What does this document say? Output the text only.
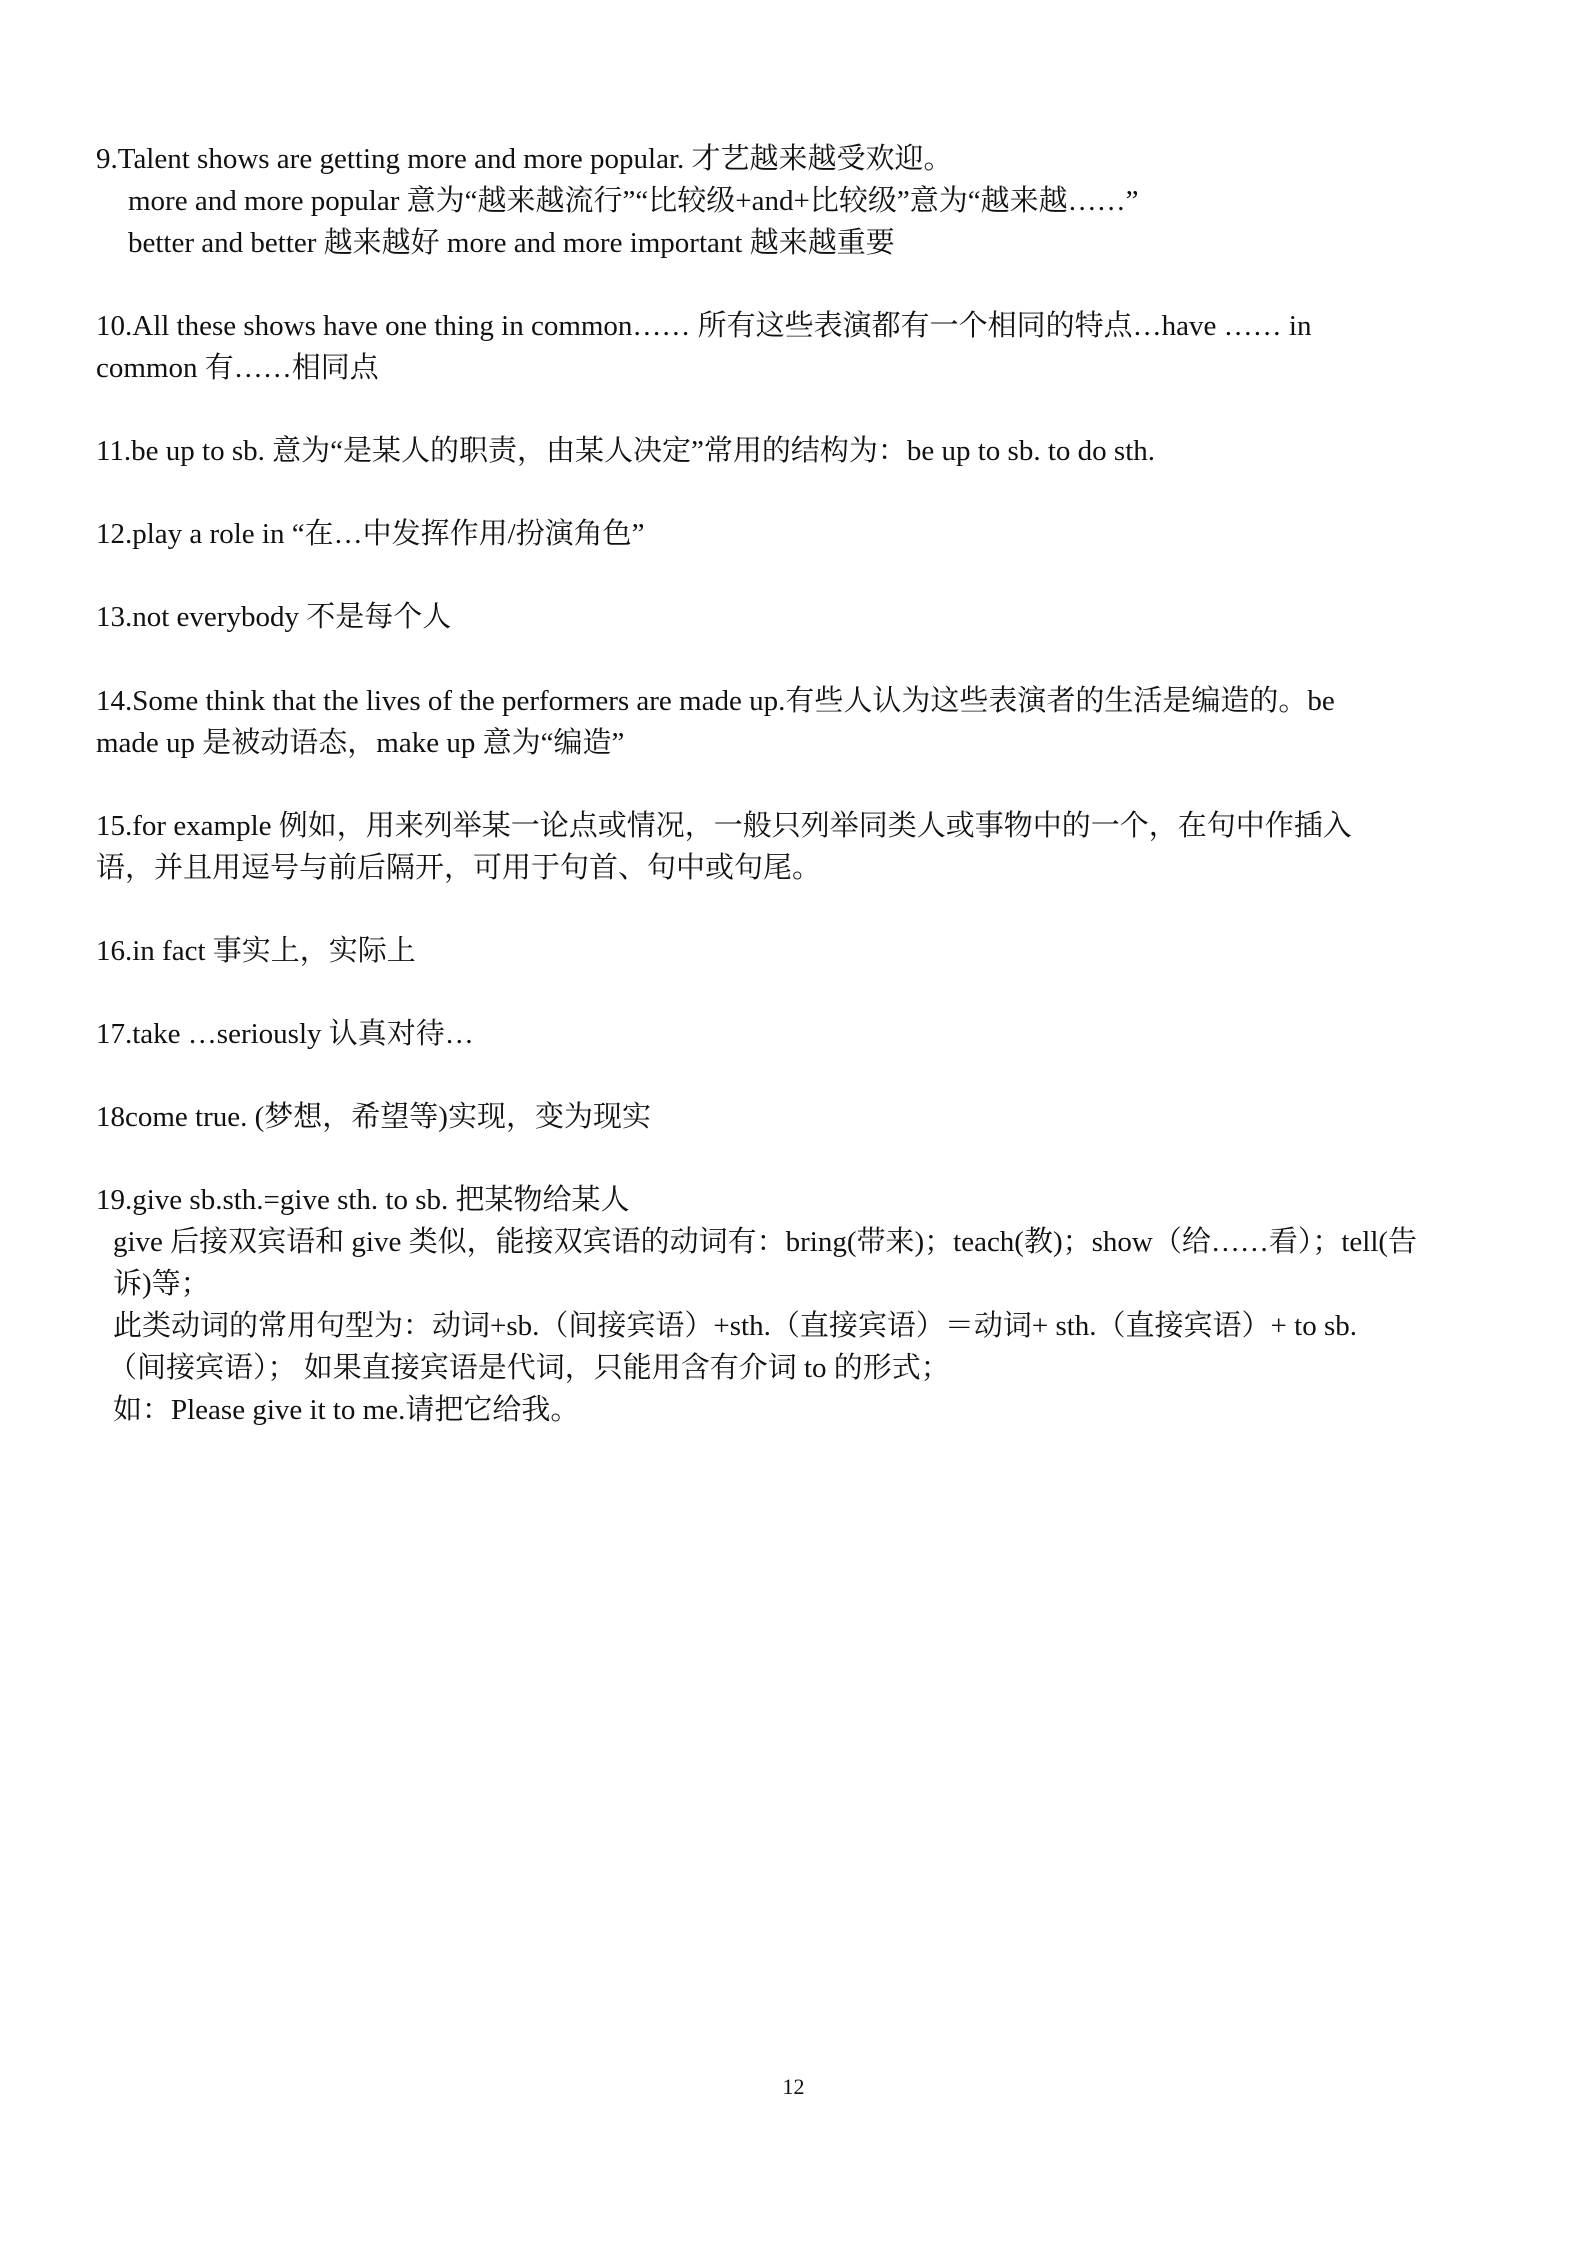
9.Talent shows are getting more and more popular. 才艺越来越受欢迎。
more and more popular 意为“越来越流行”“比较级+and+比较级”意为“越来越……”
better and better 越来越好 more and more important 越来越重要
10.All these shows have one thing in common…… 所有这些表演都有一个相同的特点…have …… in
common 有……相同点
11.be up to sb. 意为“是某人的职责，由某人决定”常用的结构为：be up to sb. to do sth.
12.play a role in “在…中发挥作用/扮演角色”
13.not everybody 不是每个人
14.Some think that the lives of the performers are made up.有些人认为这些表演者的生活是编造的。be
made up 是被动语态，make up 意为“编造”
15.for example 例如，用来列举某一论点或情况，一般只列举同类人或事物中的一个，在句中作插入
语，并且用逗号与前后隔开，可用于句首、句中或句尾。
16.in fact 事实上，实际上
17.take …seriously 认真对待…
18come true. (梦想，希望等)实现，变为现实
19.give sb.sth.=give sth. to sb. 把某物给某人
give 后接双宾语和 give 类似，能接双宾语的动词有：bring(带来)；teach(教)；show（给……看）；tell(告
诉)等；
此类动词的常用句型为：动词+sb.（间接宾语）+sth.（直接宾语）＝动词+ sth.（直接宾语）+ to sb.
（间接宾语）； 如果直接宾语是代词，只能用含有介词 to 的形式；
如：Please give it to me.请把它给我。
12
